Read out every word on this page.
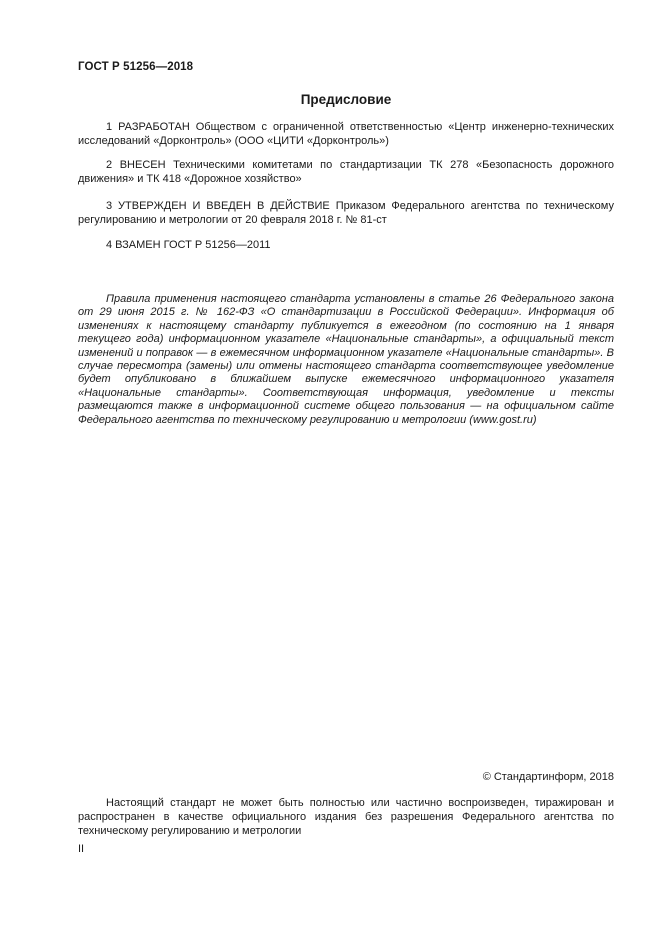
ГОСТ Р 51256—2018
Предисловие

1 РАЗРАБОТАН Обществом с ограниченной ответственностью «Центр инженерно-технических исследований «Дорконтроль» (ООО «ЦИТИ «Дорконтроль»)

2 ВНЕСЕН Техническими комитетами по стандартизации ТК 278 «Безопасность дорожного движения» и ТК 418 «Дорожное хозяйство»

3 УТВЕРЖДЕН И ВВЕДЕН В ДЕЙСТВИЕ Приказом Федерального агентства по техническому регулированию и метрологии от 20 февраля 2018 г. № 81-ст

4 ВЗАМЕН ГОСТ Р 51256—2011

Правила применения настоящего стандарта установлены в статье 26 Федерального закона от 29 июня 2015 г. № 162-ФЗ «О стандартизации в Российской Федерации». Информация об изменениях к настоящему стандарту публикуется в ежегодном (по состоянию на 1 января текущего года) информационном указателе «Национальные стандарты», а официальный текст изменений и поправок — в ежемесячном информационном указателе «Национальные стандарты». В случае пересмотра (замены) или отмены настоящего стандарта соответствующее уведомление будет опубликовано в ближайшем выпуске ежемесячного информационного указателя «Национальные стандарты». Соответствующая информация, уведомление и тексты размещаются также в информационной системе общего пользования — на официальном сайте Федерального агентства по техническому регулированию и метрологии (www.gost.ru)

© Стандартинформ, 2018

Настоящий стандарт не может быть полностью или частично воспроизведен, тиражирован и распространен в качестве официального издания без разрешения Федерального агентства по техническому регулированию и метрологии

II
